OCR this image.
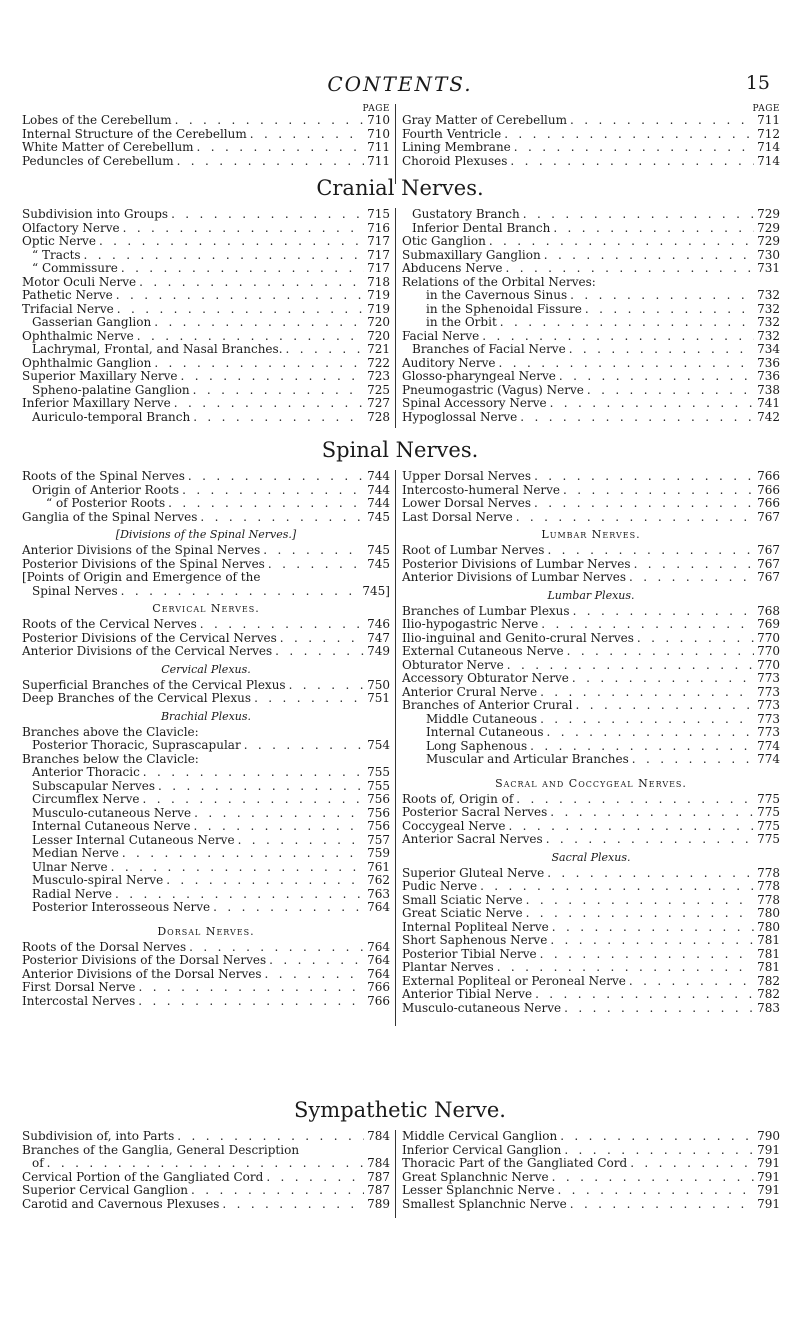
CONTENTS.	15
PAGE
Lobes of the Cerebellum . . .	710
Internal Structure of the Cerebellum . . .	710
White Matter of Cerebellum . . .	711
Peduncles of Cerebellum . . .	711
PAGE
Gray Matter of Cerebellum . . .	711
Fourth Ventricle . . .	712
Lining Membrane . . .	714
Choroid Plexuses . . .	714
Cranial Nerves.
Subdivision into Groups . . .	715
Olfactory Nerve . . .	716
Optic Nerve . . .	717
“ Tracts . . .	717
“ Commissure . . .	717
Motor Oculi Nerve . . .	718
Pathetic Nerve . . .	719
Trifacial Nerve . . .	719
Gasserian Ganglion . . .	720
Ophthalmic Nerve . . .	720
Lachrymal, Frontal, and Nasal Branches. . . .	721
Ophthalmic Ganglion . . .	722
Superior Maxillary Nerve . . .	723
Spheno-palatine Ganglion . . .	725
Inferior Maxillary Nerve . . .	727
Auriculo-temporal Branch . . .	728
Gustatory Branch . . .	729
Inferior Dental Branch . . .	729
Otic Ganglion . . .	729
Submaxillary Ganglion . . .	730
Abducens Nerve . . .	731
Relations of the Orbital Nerves:
in the Cavernous Sinus . . .	732
in the Sphenoidal Fissure . . .	732
in the Orbit . . .	732
Facial Nerve . . .	732
Branches of Facial Nerve . . .	734
Auditory Nerve . . .	736
Glosso-pharyngeal Nerve . . .	736
Pneumogastric (Vagus) Nerve . . .	738
Spinal Accessory Nerve . . .	741
Hypoglossal Nerve . . .	742
Spinal Nerves.
Roots of the Spinal Nerves . . .	744
Origin of Anterior Roots . . .	744
“ of Posterior Roots . . .	744
Ganglia of the Spinal Nerves . . .	745
[Divisions of the Spinal Nerves.]
Anterior Divisions of the Spinal Nerves . . .	745
Posterior Divisions of the Spinal Nerves . . .	745
[Points of Origin and Emergence of the
Spinal Nerves . . .	745]
Cervical Nerves.
Roots of the Cervical Nerves . . .	746
Posterior Divisions of the Cervical Nerves . . .	747
Anterior Divisions of the Cervical Nerves . . .	749
Cervical Plexus.
Superficial Branches of the Cervical Plexus . . .	750
Deep Branches of the Cervical Plexus . . .	751
Brachial Plexus.
Branches above the Clavicle:
Posterior Thoracic, Suprascapular . . .	754
Branches below the Clavicle:
Anterior Thoracic . . .	755
Subscapular Nerves . . .	755
Circumflex Nerve . . .	756
Musculo-cutaneous Nerve . . .	756
Internal Cutaneous Nerve . . .	756
Lesser Internal Cutaneous Nerve . . .	757
Median Nerve . . .	759
Ulnar Nerve . . .	761
Musculo-spiral Nerve . . .	762
Radial Nerve . . .	763
Posterior Interosseous Nerve . . .	764
Dorsal Nerves.
Roots of the Dorsal Nerves . . .	764
Posterior Divisions of the Dorsal Nerves . . .	764
Anterior Divisions of the Dorsal Nerves . . .	764
First Dorsal Nerve . . .	766
Intercostal Nerves . . .	766
Upper Dorsal Nerves . . .	766
Intercosto-humeral Nerve . . .	766
Lower Dorsal Nerves . . .	766
Last Dorsal Nerve . . .	767
Lumbar Nerves.
Root of Lumbar Nerves . . .	767
Posterior Divisions of Lumbar Nerves . . .	767
Anterior Divisions of Lumbar Nerves . . .	767
Lumbar Plexus.
Branches of Lumbar Plexus . . .	768
Ilio-hypogastric Nerve . . .	769
Ilio-inguinal and Genito-crural Nerves . . .	770
External Cutaneous Nerve . . .	770
Obturator Nerve . . .	770
Accessory Obturator Nerve . . .	773
Anterior Crural Nerve . . .	773
Branches of Anterior Crural . . .	773
Middle Cutaneous . . .	773
Internal Cutaneous . . .	773
Long Saphenous . . .	774
Muscular and Articular Branches . . .	774
Sacral and Coccygeal Nerves.
Roots of, Origin of . . .	775
Posterior Sacral Nerves . . .	775
Coccygeal Nerve . . .	775
Anterior Sacral Nerves . . .	775
Sacral Plexus.
Superior Gluteal Nerve . . .	778
Pudic Nerve . . .	778
Small Sciatic Nerve . . .	778
Great Sciatic Nerve . . .	780
Internal Popliteal Nerve . . .	780
Short Saphenous Nerve . . .	781
Posterior Tibial Nerve . . .	781
Plantar Nerves . . .	781
External Popliteal or Peroneal Nerve . . .	782
Anterior Tibial Nerve . . .	782
Musculo-cutaneous Nerve . . .	783
Sympathetic Nerve.
Subdivision of, into Parts . . .	784
Branches of the Ganglia, General Description
of . . .	784
Cervical Portion of the Gangliated Cord . . .	787
Superior Cervical Ganglion . . .	787
Carotid and Cavernous Plexuses . . .	789
Middle Cervical Ganglion . . .	790
Inferior Cervical Ganglion . . .	791
Thoracic Part of the Gangliated Cord . . .	791
Great Splanchnic Nerve . . .	791
Lesser Splanchnic Nerve . . .	791
Smallest Splanchnic Nerve . . .	791
